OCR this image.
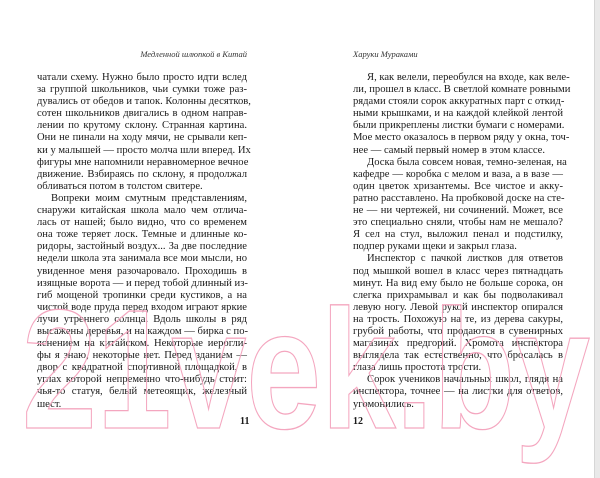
Медленной шлюпкой в Китай
чатали схему. Нужно было просто идти вслед
за группой школьников, чьи сумки тоже раз-
дувались от обедов и тапок. Колонны десятков,
сотен школьников двигались в одном направ-
лении по крутому склону. Странная картина.
Они не пинали на ходу мячи, не срывали кеп-
ки у малышей — просто молча шли вперед. Их
фигуры мне напомнили неравномерное вечное
движение. Взбираясь по склону, я продолжал
обливаться потом в толстом свитере.
Вопреки моим смутным представлениям,
снаружи китайская школа мало чем отлича-
лась от нашей; было видно, что со временем
она тоже теряет лоск. Темные и длинные ко-
ридоры, застойный воздух... За две последние
недели школа эта занимала все мои мысли, но
увиденное меня разочаровало. Проходишь в
изящные ворота — и перед тобой длинный из-
гиб мощеной тропинки среди кустиков, а на
чистой воде пруда перед входом играют яркие
лучи утреннего солнца. Вдоль школы в ряд
высажены деревья, и на каждом — бирка с по-
яснением на китайском. Некоторые иерогли-
фы я знаю, некоторые нет. Перед зданием —
двор с квадратной спортивной площадкой, в
углах которой непременно что-нибудь стоит:
чья-то статуя, белый метеоящик, железный
шест.
11
Харуки Мураками
Я, как велели, переобулся на входе, как веле-
ли, прошел в класс. В светлой комнате ровными
рядами стояли сорок аккуратных парт с откид-
ными крышками, и на каждой клейкой лентой
были прикреплены листки бумаги с номерами.
Мое место оказалось в первом ряду у окна, точ-
нее — самый первый номер в этом классе.
Доска была совсем новая, темно-зеленая, на
кафедре — коробка с мелом и ваза, а в вазе —
один цветок хризантемы. Все чистое и акку-
ратно расставлено. На пробковой доске на сте-
не — ни чертежей, ни сочинений. Может, все
это специально сняли, чтобы нам не мешало?
Я сел на стул, выложил пенал и подстилку,
подпер руками щеки и закрыл глаза.
Инспектор с пачкой листков для ответов
под мышкой вошел в класс через пятнадцать
минут. На вид ему было не больше сорока, он
слегка прихрамывал и как бы подволакивал
левую ногу. Левой рукой инспектор опирался
на трость. Похожую на те, из дерева сакуры,
грубой работы, что продаются в сувенирных
магазинах предгорий. Хромота инспектора
выглядела так естественно, что бросалась в
глаза лишь простота трости.
Сорок учеников начальных школ, глядя на
инспектора, точнее — на листки для ответов,
угомонились.
12
21vek.by
